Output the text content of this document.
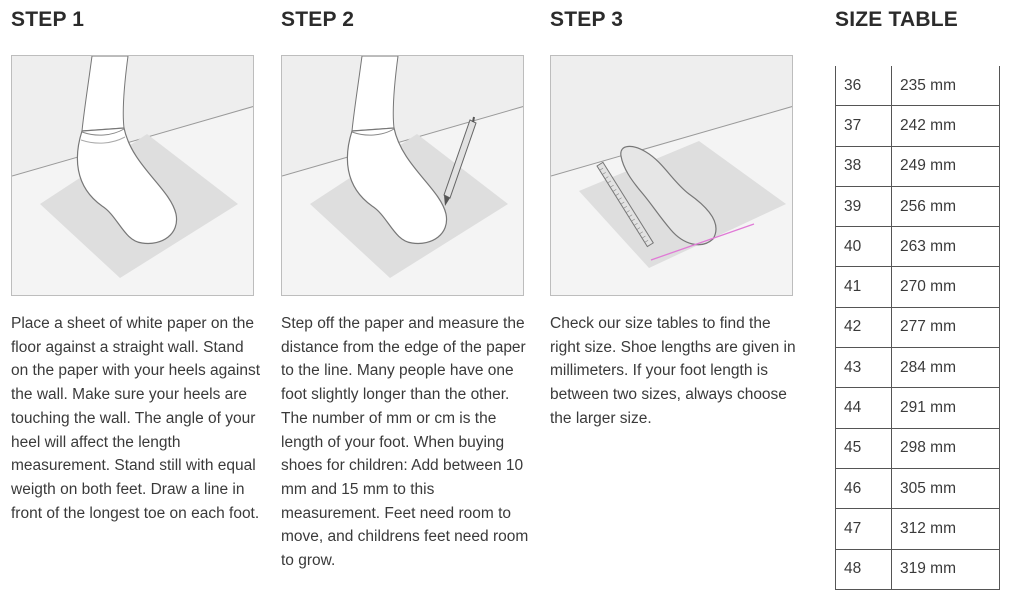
STEP 1
Place a sheet of white paper on the floor against a straight wall. Stand on the paper with your heels against the wall. Make sure your heels are touching the wall. The angle of your heel will affect the length measurement. Stand still with equal weigth on both feet. Draw a line in front of the longest toe on each foot.
STEP 2
Step off the paper and measure the distance from the edge of the paper to the line. Many people have one foot slightly longer than the other. The number of mm or cm is the length of your foot. When buying shoes for children: Add between 10 mm and 15 mm to this measurement. Feet need room to move, and childrens feet need room to grow.
STEP 3
Check our size tables to find the right size. Shoe lengths are given in millimeters. If your foot length is between two sizes, always choose the larger size.
SIZE TABLE
36	235 mm
37	242 mm
38	249 mm
39	256 mm
40	263 mm
41	270 mm
42	277 mm
43	284 mm
44	291 mm
45	298 mm
46	305 mm
47	312 mm
48	319 mm
